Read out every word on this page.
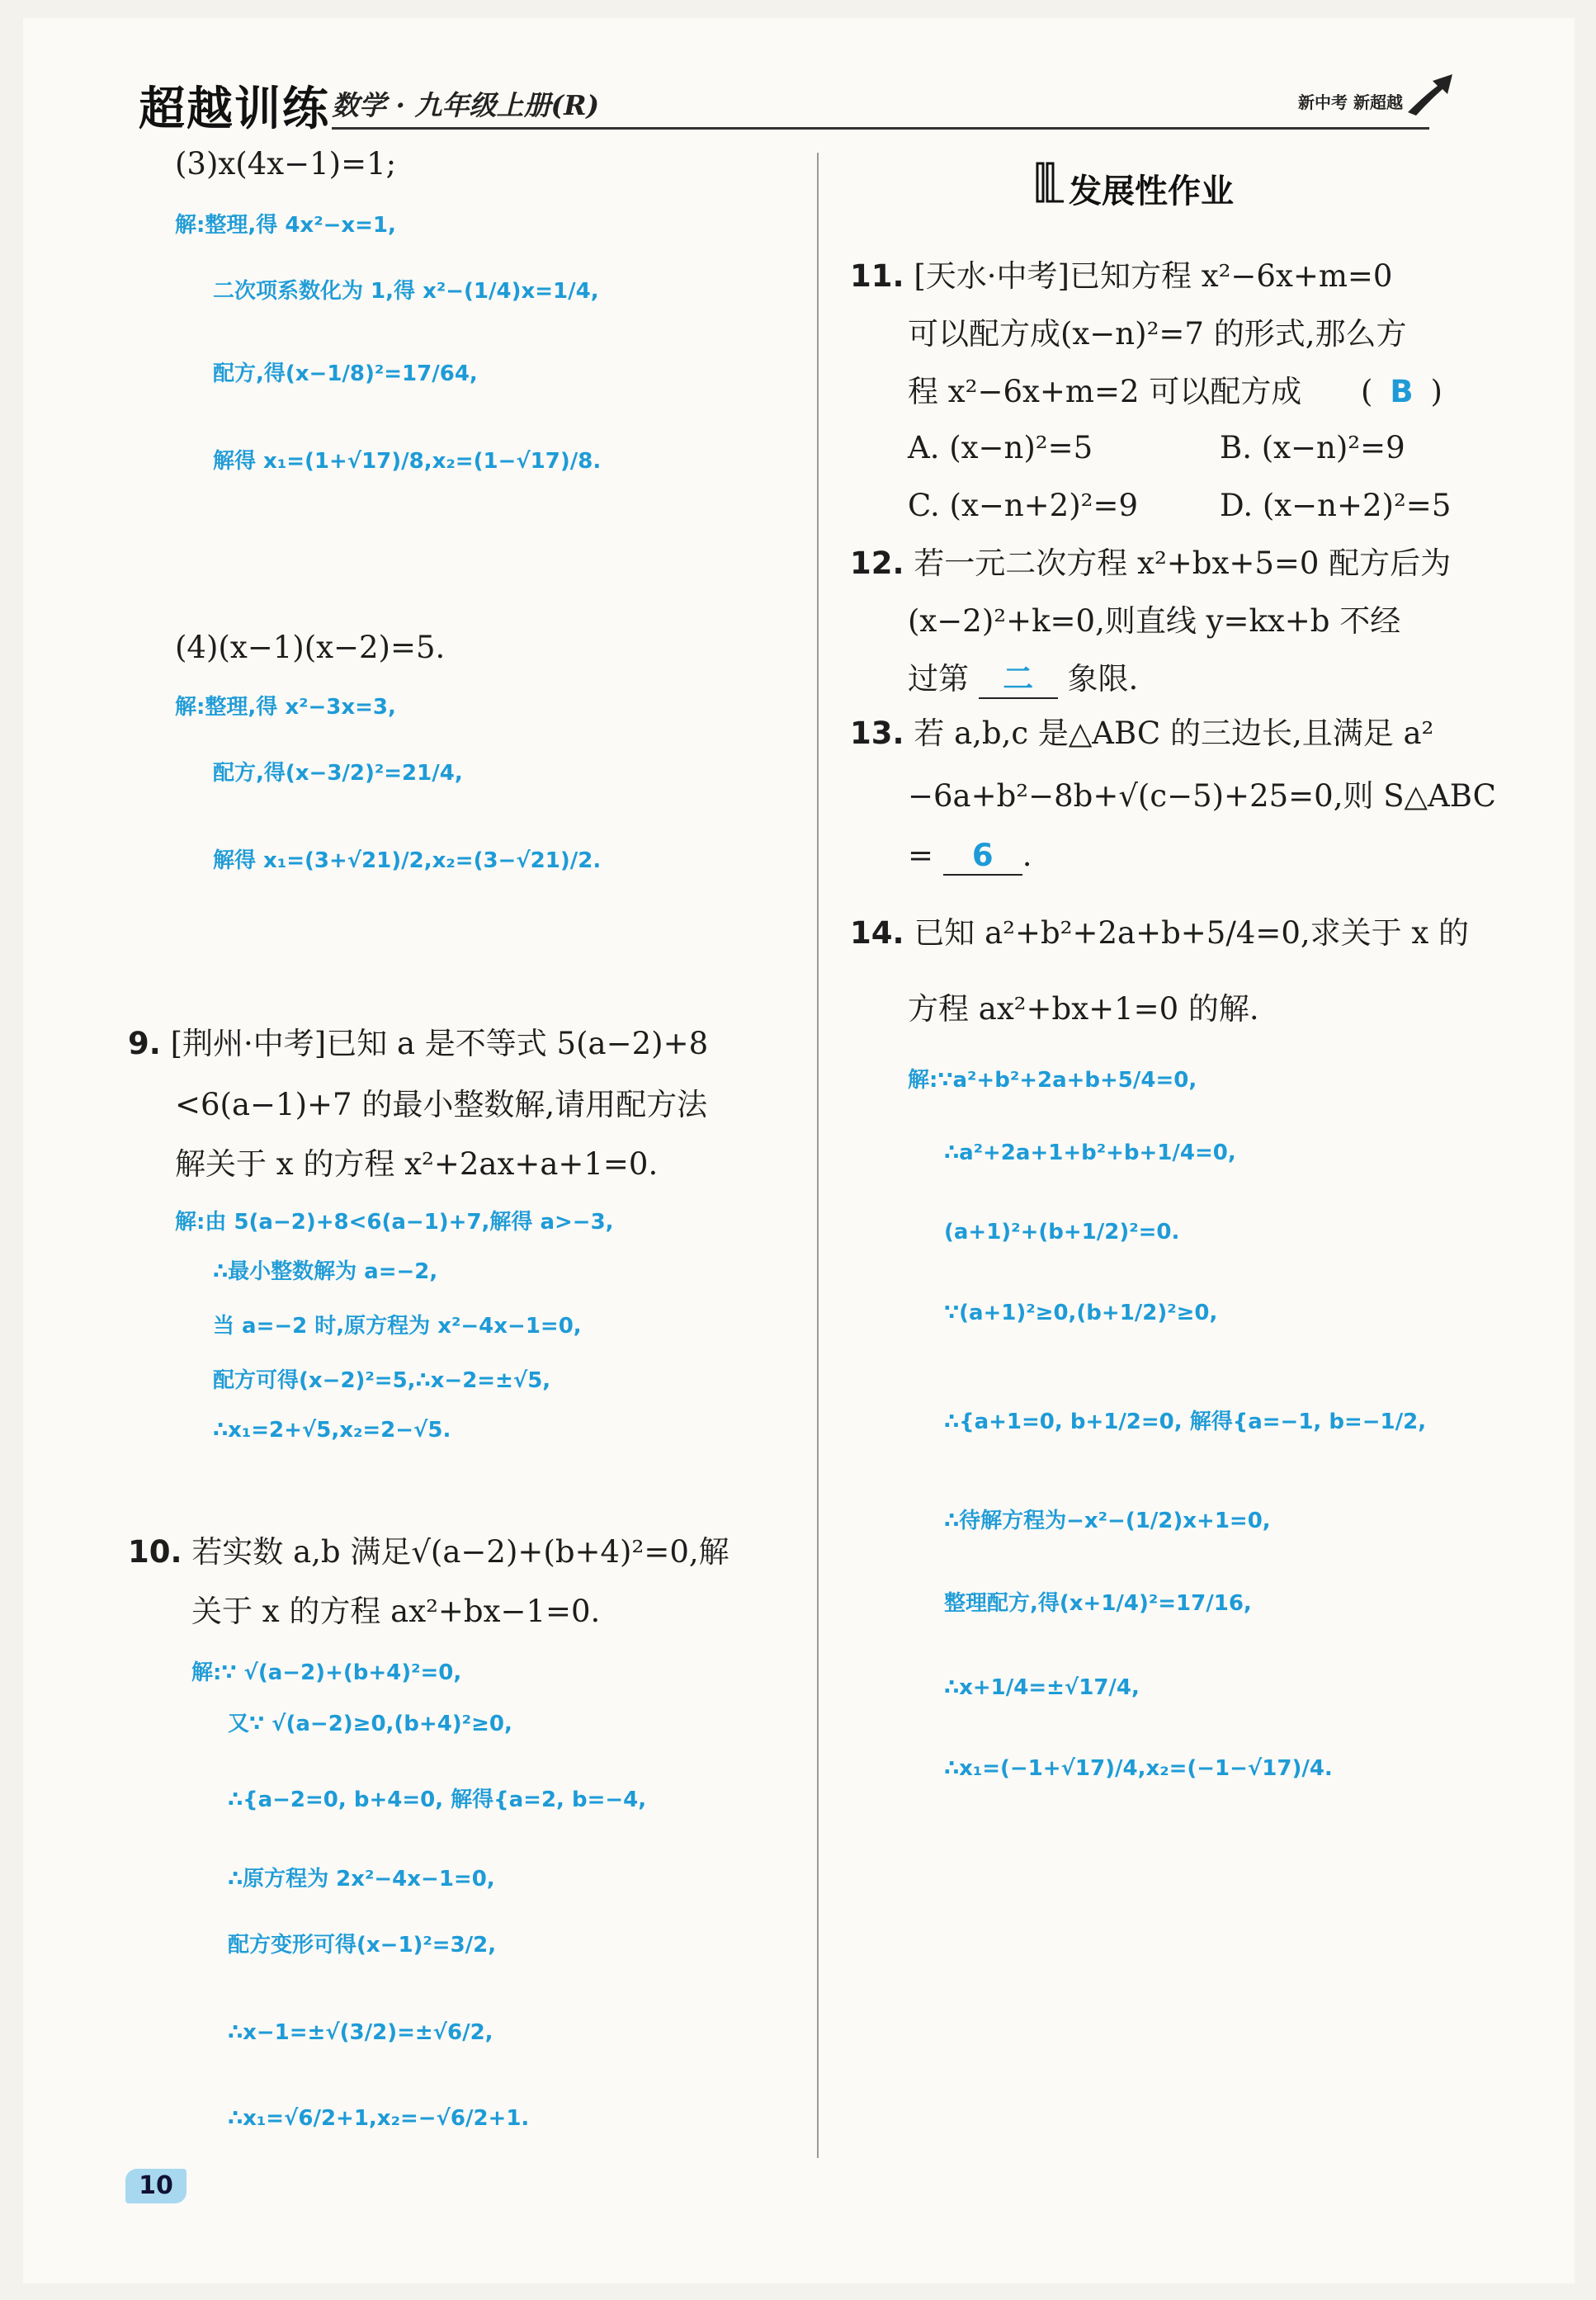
超越训练 数学 · 九年级上册(R)	新中考 新超越
(3)x(4x−1)=1;
解:整理,得 4x²−x=1,
二次项系数化为 1,得 x²−(1/4)x=1/4,
配方,得(x−1/8)²=17/64,
解得 x₁=(1+√17)/8,x₂=(1−√17)/8.
(4)(x−1)(x−2)=5.
解:整理,得 x²−3x=3,
配方,得(x−3/2)²=21/4,
解得 x₁=(3+√21)/2,x₂=(3−√21)/2.
9. [荆州·中考]已知 a 是不等式 5(a−2)+8
<6(a−1)+7 的最小整数解,请用配方法
解关于 x 的方程 x²+2ax+a+1=0.
解:由 5(a−2)+8<6(a−1)+7,解得 a>−3,
∴最小整数解为 a=−2,
当 a=−2 时,原方程为 x²−4x−1=0,
配方可得(x−2)²=5,∴x−2=±√5,
∴x₁=2+√5,x₂=2−√5.
10. 若实数 a,b 满足√(a−2)+(b+4)²=0,解
关于 x 的方程 ax²+bx−1=0.
解:∵ √(a−2)+(b+4)²=0,
又∵ √(a−2)≥0,(b+4)²≥0,
∴{a−2=0, b+4=0, 解得{a=2, b=−4,
∴原方程为 2x²−4x−1=0,
配方变形可得(x−1)²=3/2,
∴x−1=±√(3/2)=±√6/2,
∴x₁=√6/2+1,x₂=−√6/2+1.
发展性作业
11. [天水·中考]已知方程 x²−6x+m=0
可以配方成(x−n)²=7 的形式,那么方
程 x²−6x+m=2 可以配方成 ( B )
A. (x−n)²=5	B. (x−n)²=9
C. (x−n+2)²=9	D. (x−n+2)²=5
12. 若一元二次方程 x²+bx+5=0 配方后为
(x−2)²+k=0,则直线 y=kx+b 不经
过第 二 象限.
13. 若 a,b,c 是△ABC 的三边长,且满足 a²
−6a+b²−8b+√(c−5)+25=0,则 S△ABC
= 6 .
14. 已知 a²+b²+2a+b+5/4=0,求关于 x 的
方程 ax²+bx+1=0 的解.
解:∵a²+b²+2a+b+5/4=0,
∴a²+2a+1+b²+b+1/4=0,
(a+1)²+(b+1/2)²=0.
∵(a+1)²≥0,(b+1/2)²≥0,
∴{a+1=0, b+1/2=0, 解得{a=−1, b=−1/2,
∴待解方程为−x²−(1/2)x+1=0,
整理配方,得(x+1/4)²=17/16,
∴x+1/4=±√17/4,
∴x₁=(−1+√17)/4,x₂=(−1−√17)/4.
10
